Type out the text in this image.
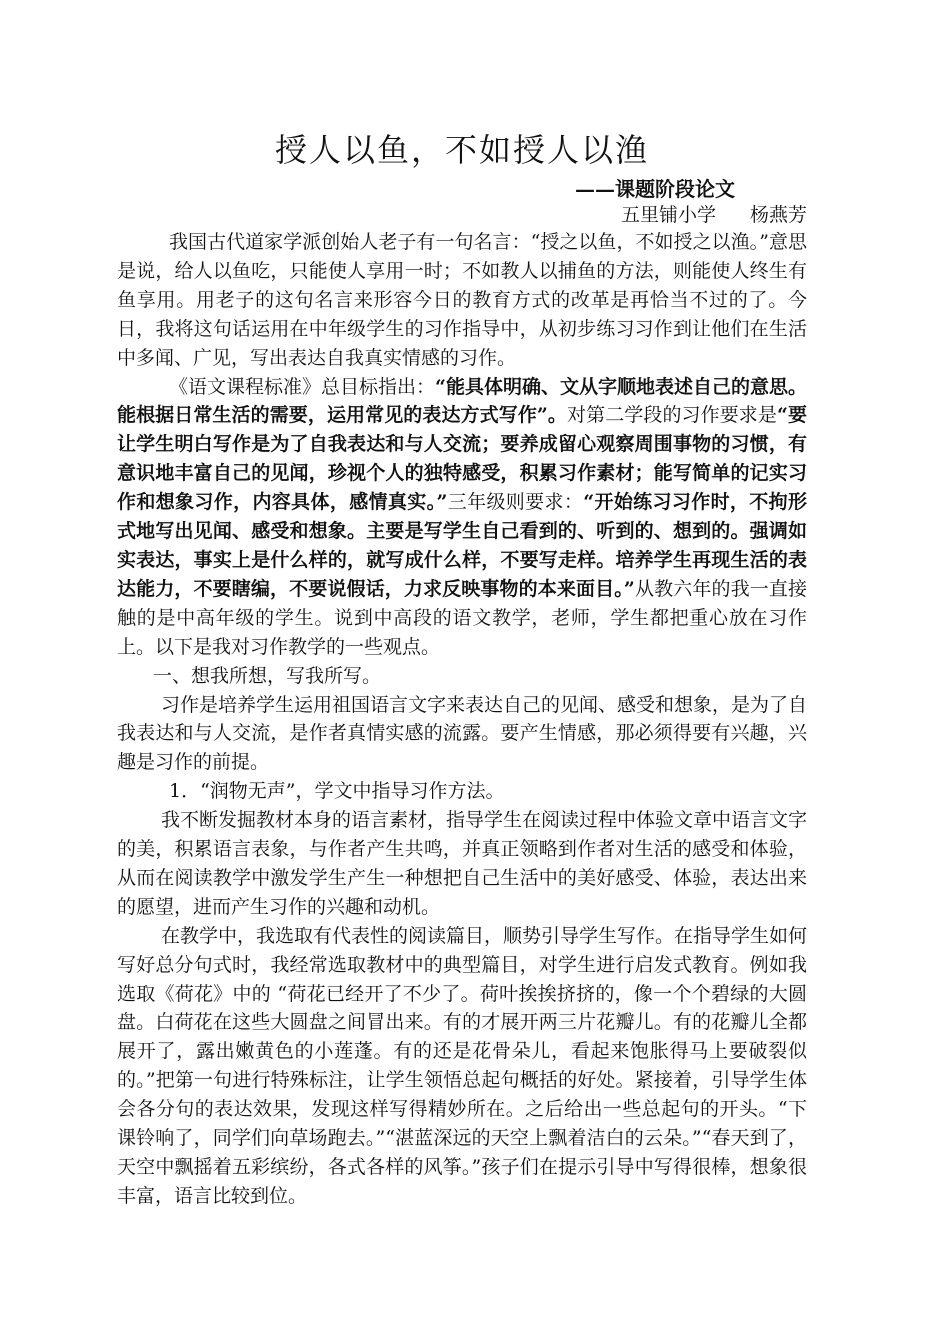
授人以鱼，不如授人以渔

——课题阶段论文

五里铺小学 杨燕芳

我国古代道家学派创始人老子有一句名言：“授之以鱼，不如授之以渔。”意思是说，给人以鱼吃，只能使人享用一时；不如教人以捕鱼的方法，则能使人终生有鱼享用。用老子的这句名言来形容今日的教育方式的改革是再恰当不过的了。今日，我将这句话运用在中年级学生的习作指导中，从初步练习习作到让他们在生活中多闻、广见，写出表达自我真实情感的习作。

《语文课程标准》总目标指出：“能具体明确、文从字顺地表述自己的意思。能根据日常生活的需要，运用常见的表达方式写作”。对第二学段的习作要求是“要让学生明白写作是为了自我表达和与人交流；要养成留心观察周围事物的习惯，有意识地丰富自己的见闻，珍视个人的独特感受，积累习作素材；能写简单的记实习作和想象习作，内容具体，感情真实。”三年级则要求：“开始练习习作时，不拘形式地写出见闻、感受和想象。主要是写学生自己看到的、听到的、想到的。强调如实表达，事实上是什么样的，就写成什么样，不要写走样。培养学生再现生活的表达能力，不要瞎编，不要说假话，力求反映事物的本来面目。”从教六年的我一直接触的是中高年级的学生。说到中高段的语文教学，老师，学生都把重心放在习作上。以下是我对习作教学的一些观点。

一、想我所想，写我所写。

习作是培养学生运用祖国语言文字来表达自己的见闻、感受和想象，是为了自我表达和与人交流，是作者真情实感的流露。要产生情感，那必须得要有兴趣，兴趣是习作的前提。

1．“润物无声”，学文中指导习作方法。

我不断发掘教材本身的语言素材，指导学生在阅读过程中体验文章中语言文字的美，积累语言表象，与作者产生共鸣，并真正领略到作者对生活的感受和体验，从而在阅读教学中激发学生产生一种想把自己生活中的美好感受、体验，表达出来的愿望，进而产生习作的兴趣和动机。

在教学中，我选取有代表性的阅读篇目，顺势引导学生写作。在指导学生如何写好总分句式时，我经常选取教材中的典型篇目，对学生进行启发式教育。例如我选取《荷花》中的 “荷花已经开了不少了。荷叶挨挨挤挤的，像一个个碧绿的大圆盘。白荷花在这些大圆盘之间冒出来。有的才展开两三片花瓣儿。有的花瓣儿全都展开了，露出嫩黄色的小莲蓬。有的还是花骨朵儿，看起来饱胀得马上要破裂似的。”把第一句进行特殊标注，让学生领悟总起句概括的好处。紧接着，引导学生体会各分句的表达效果，发现这样写得精妙所在。之后给出一些总起句的开头。“下课铃响了，同学们向草场跑去。”“湛蓝深远的天空上飘着洁白的云朵。”“春天到了，天空中飘摇着五彩缤纷，各式各样的风筝。”孩子们在提示引导中写得很棒，想象很丰富，语言比较到位。
